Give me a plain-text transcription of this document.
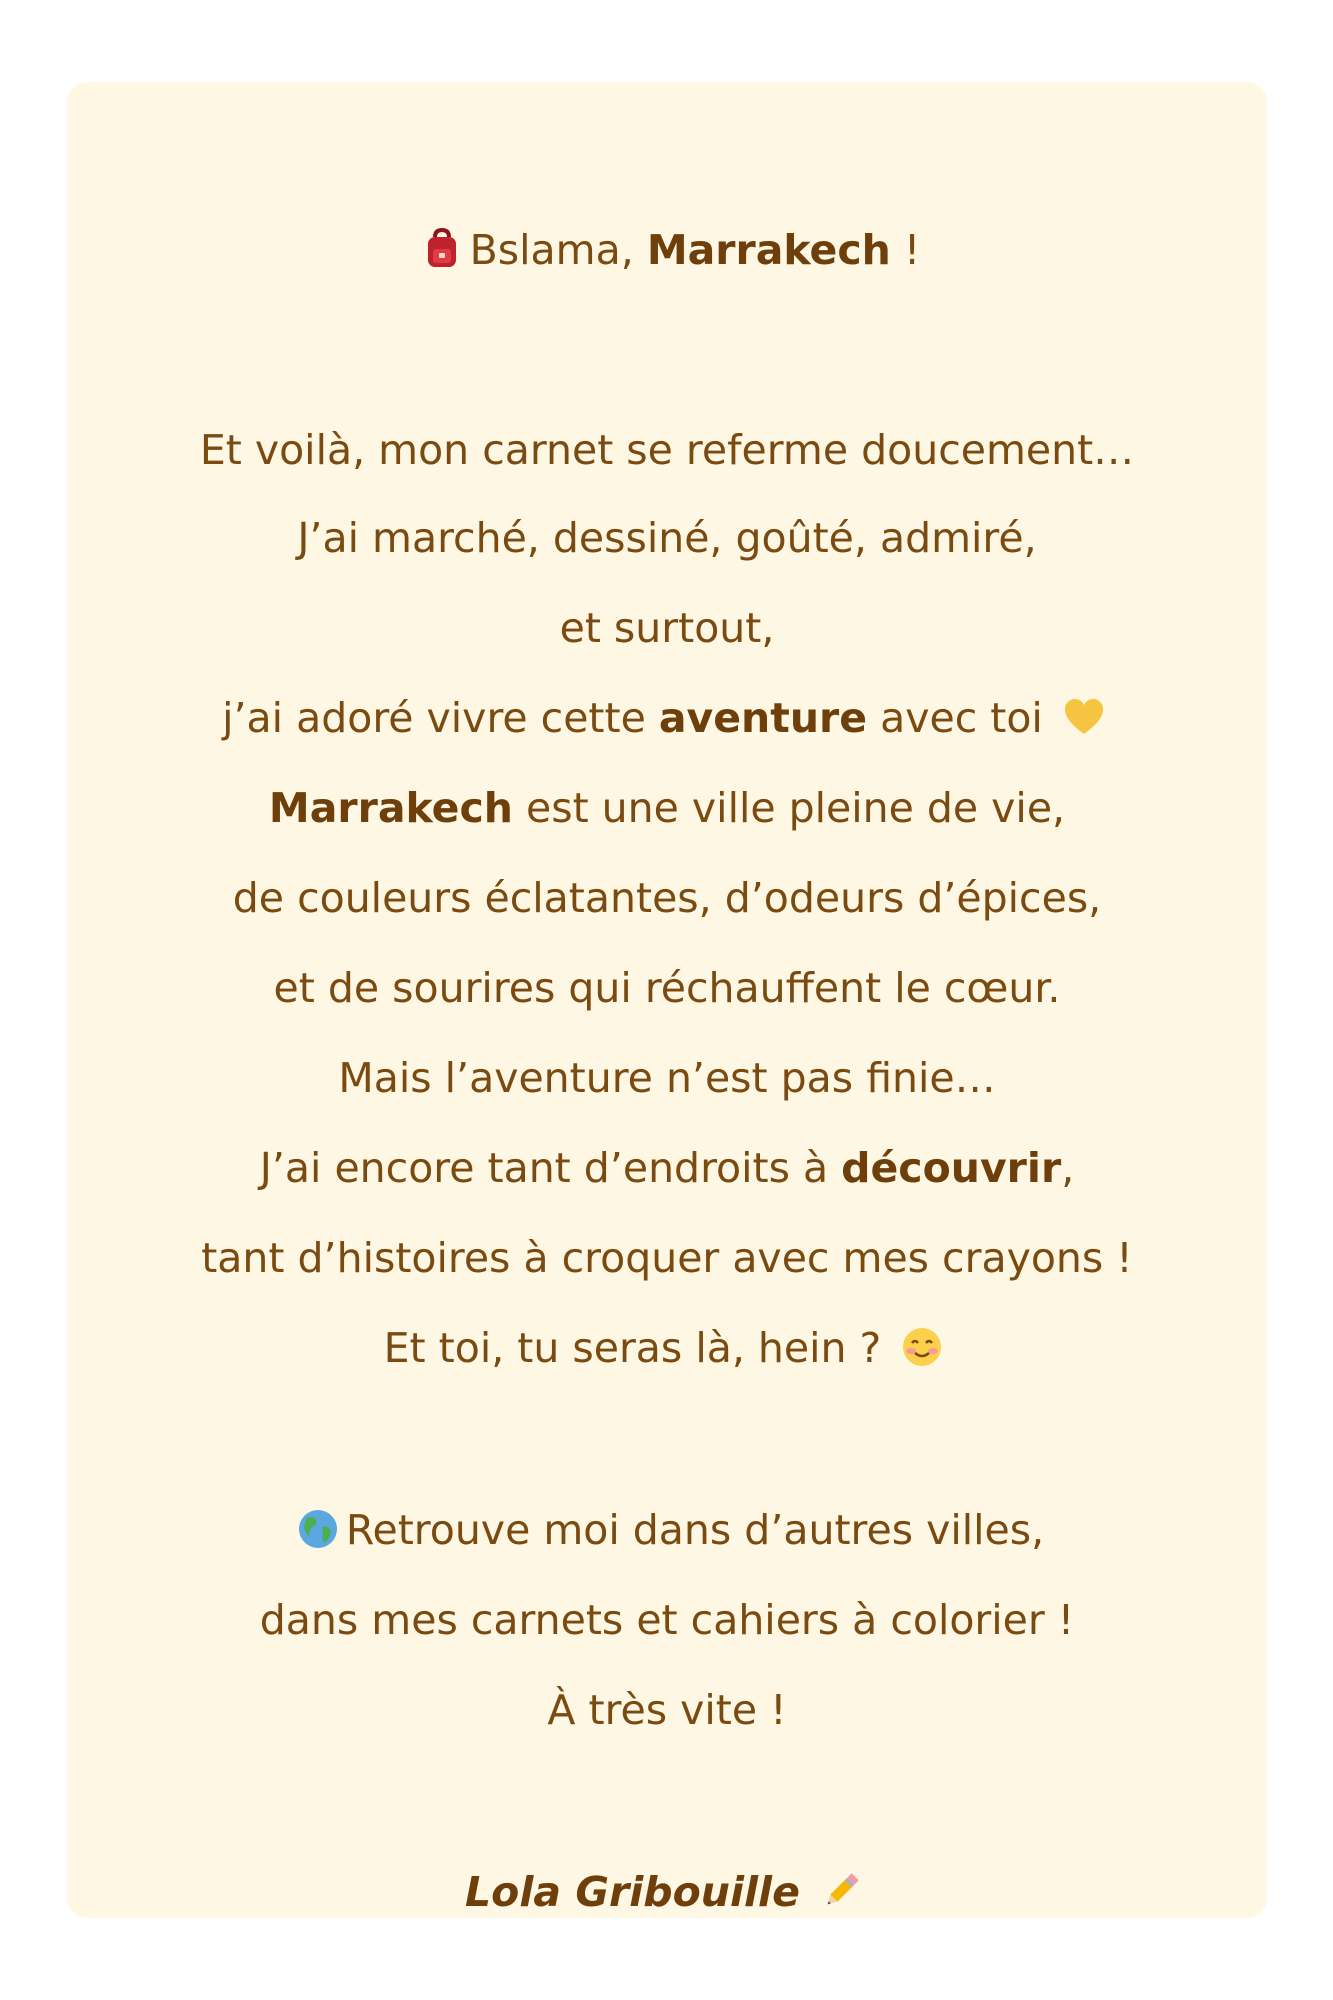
Bslama, Marrakech !
Et voilà, mon carnet se referme doucement…
J’ai marché, dessiné, goûté, admiré,
et surtout,
j’ai adoré vivre cette aventure avec toi
Marrakech est une ville pleine de vie,
de couleurs éclatantes, d’odeurs d’épices,
et de sourires qui réchauffent le cœur.
Mais l’aventure n’est pas finie…
J’ai encore tant d’endroits à découvrir,
tant d’histoires à croquer avec mes crayons !
Et toi, tu seras là, hein ?
Retrouve moi dans d’autres villes,
dans mes carnets et cahiers à colorier !
À très vite !
Lola Gribouille
